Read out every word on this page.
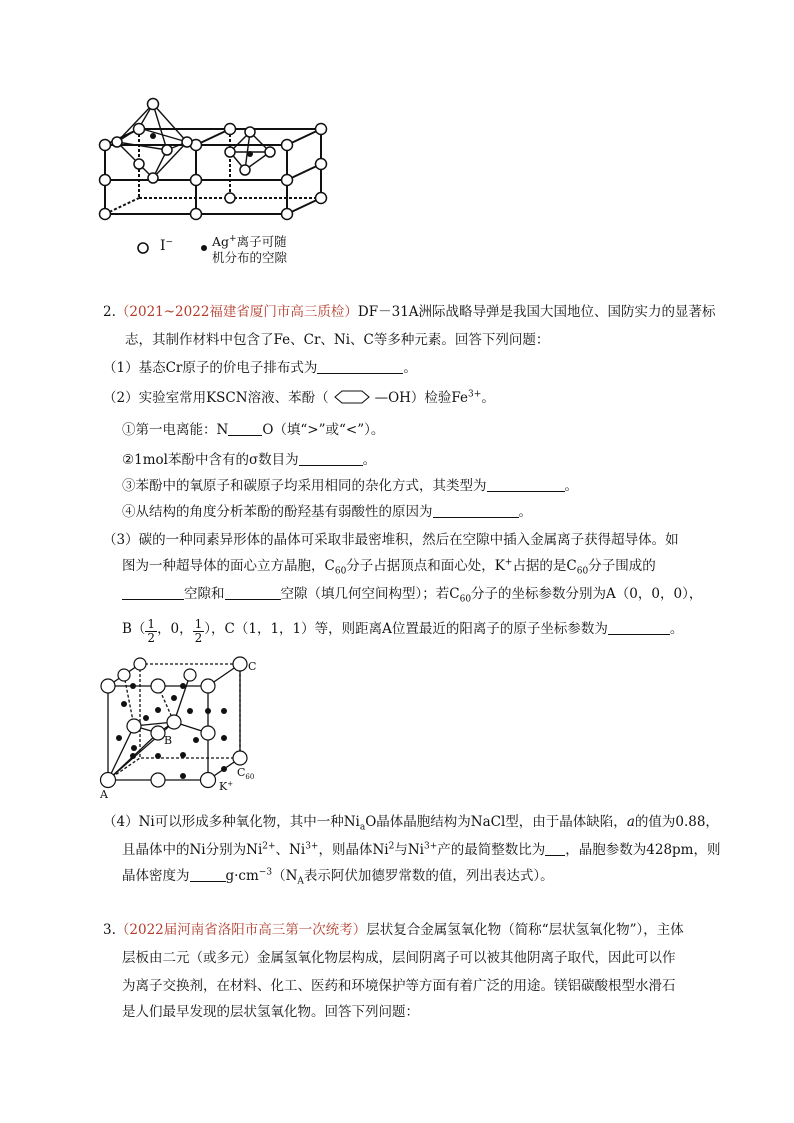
I−	Ag+离子可随
机分布的空隙
2.（2021~2022福建省厦门市高三质检）DF－31A洲际战略导弹是我国大国地位、国防实力的显著标
志，其制作材料中包含了Fe、Cr、Ni、C等多种元素。回答下列问题：
（1）基态Cr原子的价电子排布式为	。
（2）实验室常用KSCN溶液、苯酚（	—OH）检验$Fe^{3+}$。
①第一电离能：N	O（填“>”或“<”）。
②1mol苯酚中含有的σ数目为	。
③苯酚中的氧原子和碳原子均采用相同的杂化方式，其类型为	。
④从结构的角度分析苯酚的酚羟基有弱酸性的原因为	。
（3）碳的一种同素异形体的晶体可采取非最密堆积，然后在空隙中插入金属离子获得超导体。如
图为一种超导体的面心立方晶胞，$C_{60}$分子占据顶点和面心处，K+占据的是$C_{60}$分子围成的
空隙和	空隙（填几何空间构型）；若$C_{60}$分子的坐标参数分别为A（0，0，0），
$B( \frac{1}{2}$ ，0， $\frac{1}{2}$ ），C（1，1，1）等，则距离A位置最近的阳离子的原子坐标参数为	。
A
B
C
$C_{60}$
K+
（4）Ni可以形成多种氧化物，其中一种$Ni_aO$晶体晶胞结构为NaCl型，由于晶体缺陷，a的值为0.88，
且晶体中的Ni分别为$Ni^{2+}$、$Ni^{3+}$，则晶体Ni$^2$与$Ni^{3+}$产的最简整数比为 ，晶胞参数为428pm，则
晶体密度为	$g\cdot cm^{-3}(N_A$表示阿伏加德罗常数的值，列出表达式）。
3.（2022届河南省洛阳市高三第一次统考）层状复合金属氢氧化物（简称“层状氢氧化物”），主体
层板由二元（或多元）金属氢氧化物层构成，层间阴离子可以被其他阴离子取代，因此可以作
为离子交换剂，在材料、化工、医药和环境保护等方面有着广泛的用途。镁铝碳酸根型水滑石
是人们最早发现的层状氢氧化物。回答下列问题：
